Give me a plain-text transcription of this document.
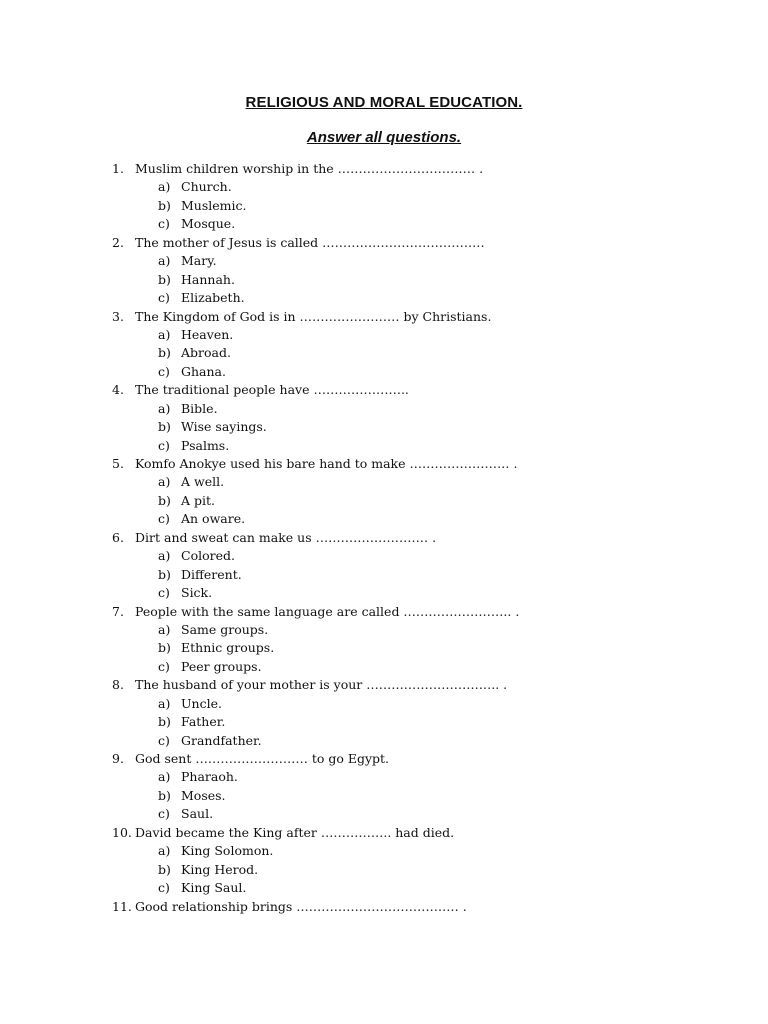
RELIGIOUS AND MORAL EDUCATION.
Answer all questions.
1. Muslim children worship in the …………………………… .
a) Church.
b) Muslemic.
c) Mosque.
2. The mother of Jesus is called …………………………………
a) Mary.
b) Hannah.
c) Elizabeth.
3. The Kingdom of God is in …………………… by Christians.
a) Heaven.
b) Abroad.
c) Ghana.
4. The traditional people have …………………..
a) Bible.
b) Wise sayings.
c) Psalms.
5. Komfo Anokye used his bare hand to make …………………… .
a) A well.
b) A pit.
c) An oware.
6. Dirt and sweat can make us ……………………… .
a) Colored.
b) Different.
c) Sick.
7. People with the same language are called …………………….. .
a) Same groups.
b) Ethnic groups.
c) Peer groups.
8. The husband of your mother is your ………………………….. .
a) Uncle.
b) Father.
c) Grandfather.
9. God sent ……………………… to go Egypt.
a) Pharaoh.
b) Moses.
c) Saul.
10. David became the King after …………….. had died.
a) King Solomon.
b) King Herod.
c) King Saul.
11. Good relationship brings ………………………………… .
